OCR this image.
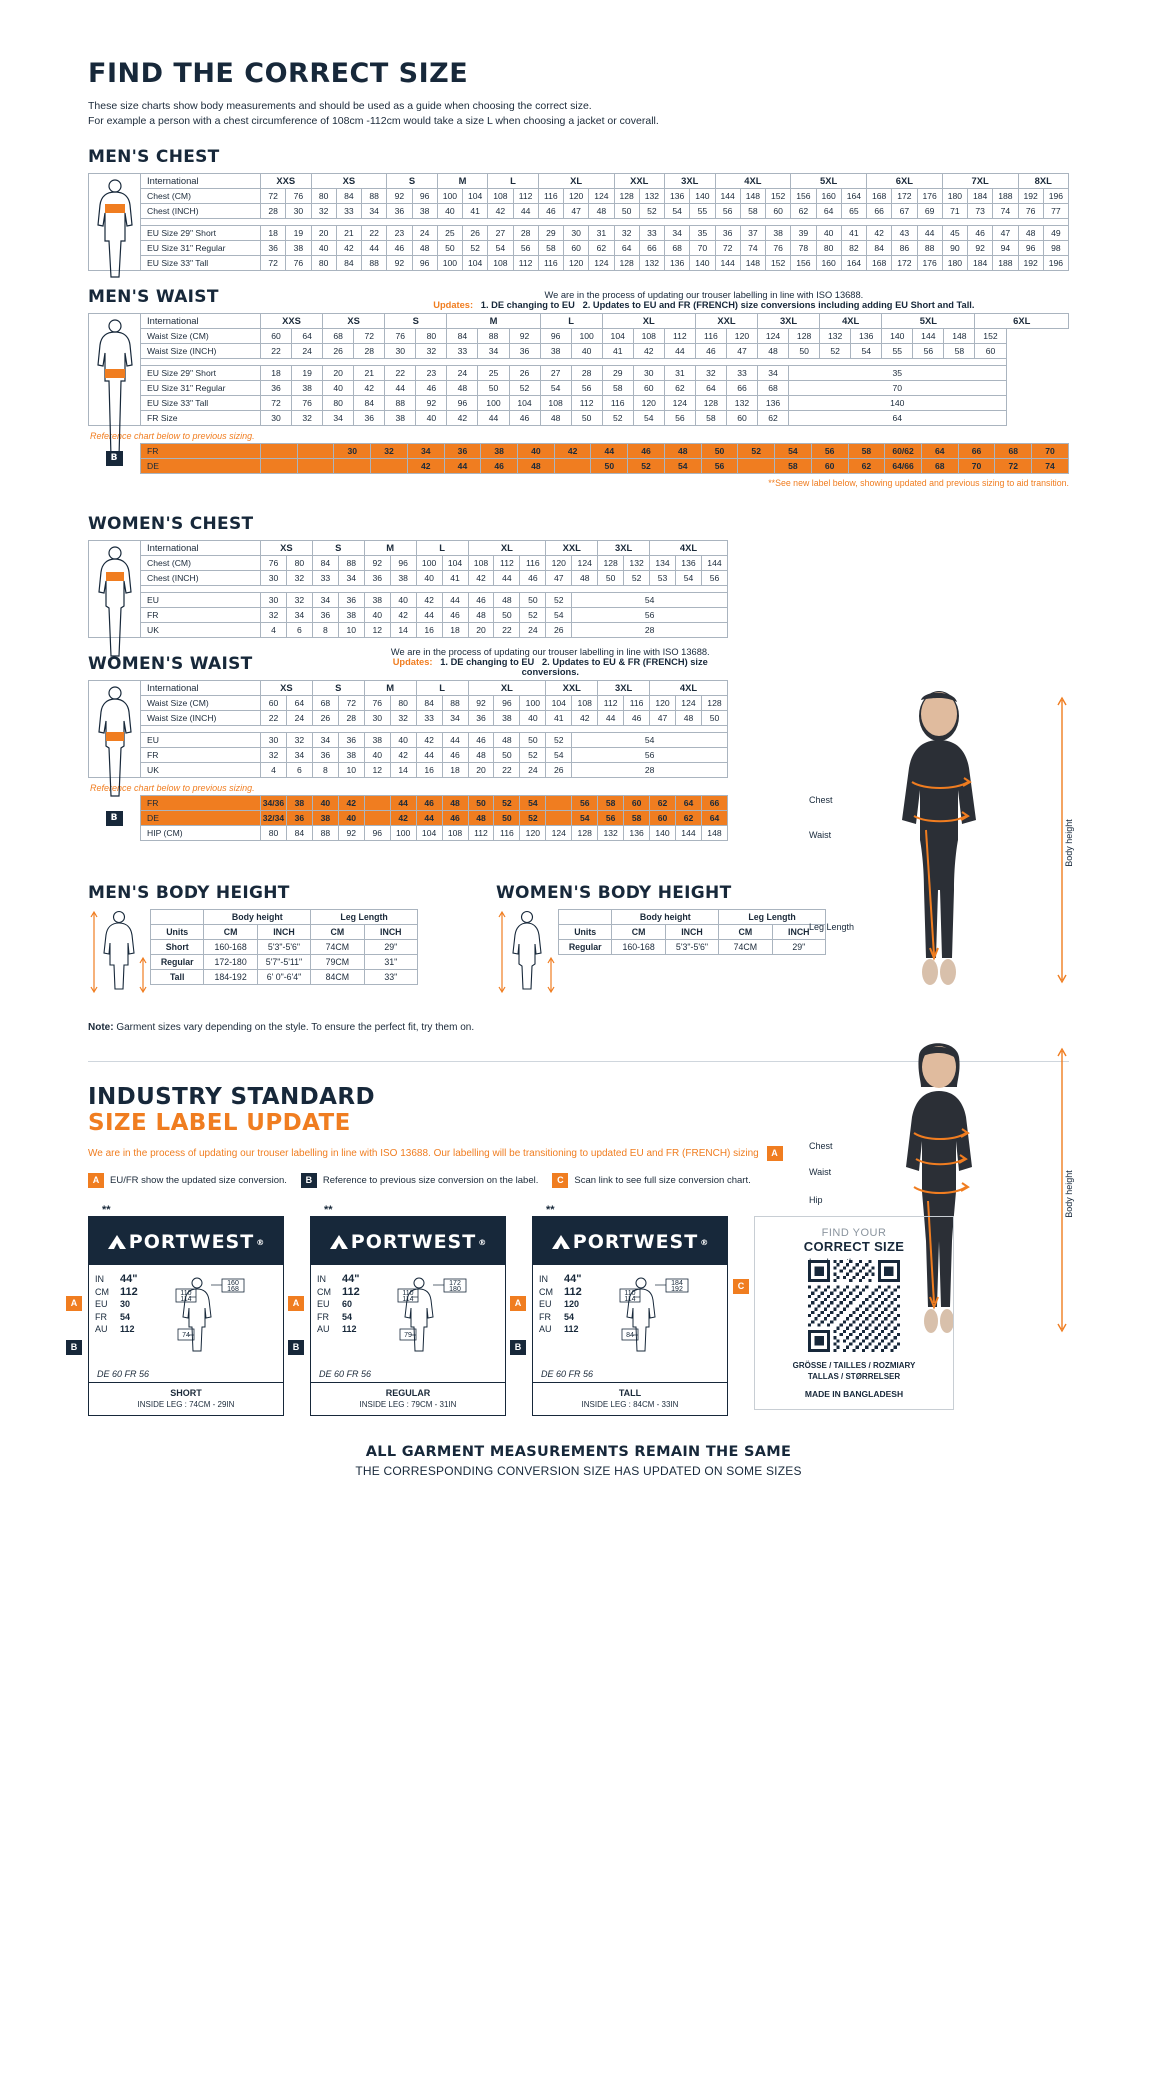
FIND THE CORRECT SIZE
These size charts show body measurements and should be used as a guide when choosing the correct size.
For example a person with a chest circumference of 108cm -112cm would take a size L when choosing a jacket or coverall.
MEN'S CHEST
International	XXS		XS			S		M		L		XL			XXL		3XL		4XL			5XL			6XL			7XL			8XL	
Chest (CM)	72	76	80	84	88	92	96	100	104	108	112	116	120	124	128	132	136	140	144	148	152	156	160	164	168	172	176	180	184	188	192	196
Chest (INCH)	28	30	32	33	34	36	38	40	41	42	44	46	47	48	50	52	54	55	56	58	60	62	64	65	66	67	69	71	73	74	76	77

EU Size 29" Short	18	19	20	21	22	23	24	25	26	27	28	29	30	31	32	33	34	35	36	37	38	39	40	41	42	43	44	45	46	47	48	49
EU Size 31" Regular	36	38	40	42	44	46	48	50	52	54	56	58	60	62	64	66	68	70	72	74	76	78	80	82	84	86	88	90	92	94	96	98
EU Size 33" Tall	72	76	80	84	88	92	96	100	104	108	112	116	120	124	128	132	136	140	144	148	152	156	160	164	168	172	176	180	184	188	192	196
MEN'S WAIST	We are in the process of updating our trouser labelling in line with ISO 13688.
Updates: 1. DE changing to EU 2. Updates to EU and FR (FRENCH) size conversions including adding EU Short and Tall.
International	XXS		XS		S		M			L		XL			XXL		3XL		4XL		5XL			6XL
Waist Size (CM)	60	64	68	72	76	80	84	88	92	96	100	104	108	112	116	120	124	128	132	136	140	144	148	152
Waist Size (INCH)	22	24	26	28	30	32	33	34	36	38	40	41	42	44	46	47	48	50	52	54	55	56	58	60

EU Size 29" Short	18	19	20	21	22	23	24	25	26	27	28	29	30	31	32	33	34	35						
EU Size 31" Regular	36	38	40	42	44	46	48	50	52	54	56	58	60	62	64	66	68	70						
EU Size 33" Tall	72	76	80	84	88	92	96	100	104	108	112	116	120	124	128	132	136	140						
FR Size	30	32	34	36	38	40	42	44	46	48	50	52	54	56	58	60	62	64						
Reference chart below to previous sizing.
B
FR			30	32	34	36	38	40	42	44	46	48	50	52	54	56	58	60/62	64	66	68	70
DE					42	44	46	48		50	52	54	56		58	60	62	64/66	68	70	72	74
**See new label below, showing updated and previous sizing to aid transition.
WOMEN'S CHEST
International	XS		S		M		L		XL			XXL		3XL		4XL		
Chest (CM)	76	80	84	88	92	96	100	104	108	112	116	120	124	128	132	134	136	144
Chest (INCH)	30	32	33	34	36	38	40	41	42	44	46	47	48	50	52	53	54	56

EU	30	32	34	36	38	40	42	44	46	48	50	52	54					
FR	32	34	36	38	40	42	44	46	48	50	52	54	56					
UK	4	6	8	10	12	14	16	18	20	22	24	26	28					
WOMEN'S WAIST
We are in the process of updating our trouser labelling in line with ISO 13688.
Updates: 1. DE changing to EU 2. Updates to EU & FR (FRENCH) size conversions.
International	XS		S		M		L		XL			XXL		3XL		4XL		
Waist Size (CM)	60	64	68	72	76	80	84	88	92	96	100	104	108	112	116	120	124	128
Waist Size (INCH)	22	24	26	28	30	32	33	34	36	38	40	41	42	44	46	47	48	50

EU	30	32	34	36	38	40	42	44	46	48	50	52	54					
FR	32	34	36	38	40	42	44	46	48	50	52	54	56					
UK	4	6	8	10	12	14	16	18	20	22	24	26	28					
Reference chart below to previous sizing.
B
FR	34/36	38	40	42		44	46	48	50	52	54		56	58	60	62	64	66
DE	32/34	36	38	40		42	44	46	48	50	52		54	56	58	60	62	64
HIP (CM)	80	84	88	92	96	100	104	108	112	116	120	124	128	132	136	140	144	148
MEN'S BODY HEIGHT
	Body height		Leg Length	
Units	CM	INCH	CM	INCH
Short	160-168	5'3"-5'6"	74CM	29"
Regular	172-180	5'7"-5'11"	79CM	31"
Tall	184-192	6' 0"-6'4"	84CM	33"
WOMEN'S BODY HEIGHT
	Body height		Leg Length	
Units	CM	INCH	CM	INCH
Regular	160-168	5'3"-5'6"	74CM	29"
Note: Garment sizes vary depending on the style. To ensure the perfect fit, try them on.
Chest
Waist
Leg Length
Body height
Chest
Waist
Hip	Body height
INDUSTRY STANDARD
SIZE LABEL UPDATE
We are in the process of updating our trouser labelling in line with ISO 13688. Our labelling will be transitioning to updated EU and FR (FRENCH) sizing A
A	EU/FR show the updated size conversion.	B	Reference to previous size conversion on the label.	C	Scan link to see full size conversion chart.
**
PORTWEST ®
IN	44"
CM	112
EU	30
FR	54
AU	112
110
114
160
168
74
DE 60 FR 56
SHORT
INSIDE LEG : 74CM - 29IN
A
B
**
PORTWEST ®
IN	44"
CM	112
EU	60
FR	54
AU	112
110
114
172
180
79
DE 60 FR 56
REGULAR
INSIDE LEG : 79CM - 31IN
A
B
**
PORTWEST ®
IN	44"
CM	112
EU	120
FR	54
AU	112
110
114
184
192
84
DE 60 FR 56
TALL
INSIDE LEG : 84CM - 33IN
A
B
FIND YOUR
CORRECT SIZE
GRÖSSE / TAILLES / ROZMIARY
TALLAS / STØRRELSER
MADE IN BANGLADESH
C
ALL GARMENT MEASUREMENTS REMAIN THE SAME
THE CORRESPONDING CONVERSION SIZE HAS UPDATED ON SOME SIZES
